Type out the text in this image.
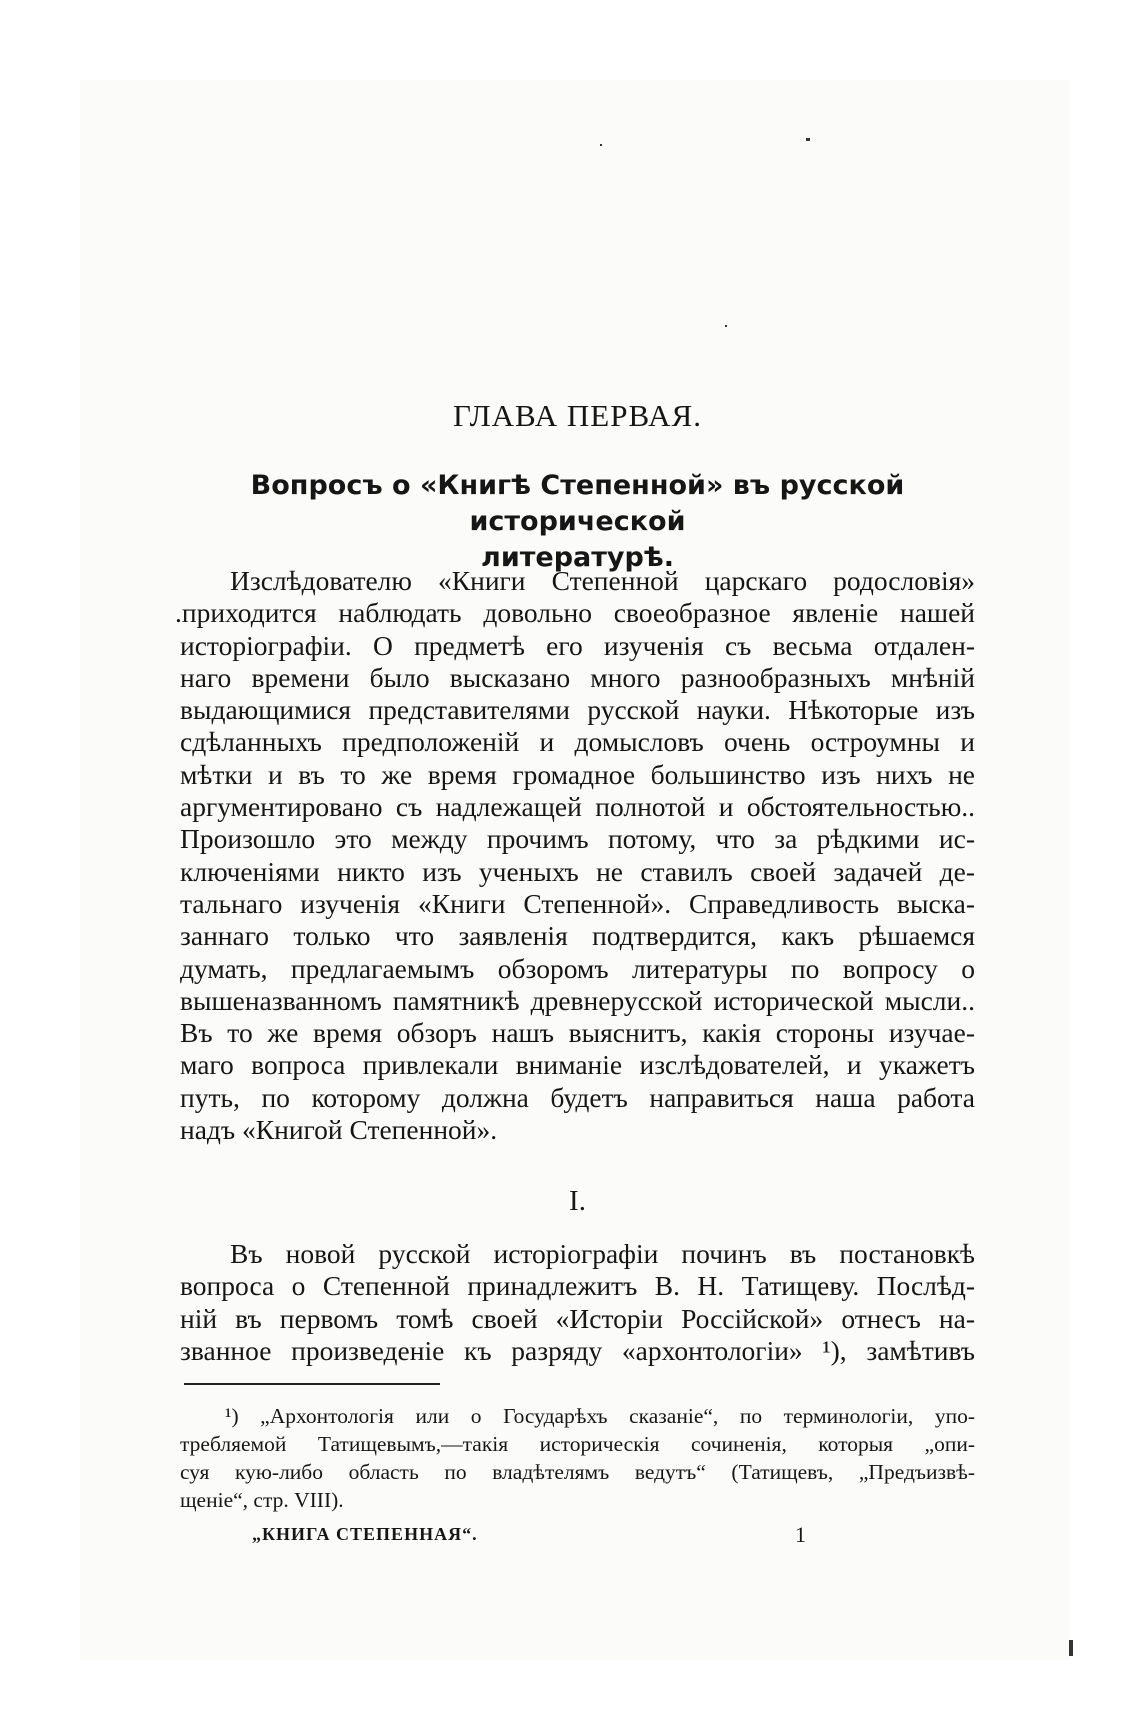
ГЛАВА ПЕРВАЯ.
Вопросъ о «Книгѣ Степенной» въ русской исторической
литературѣ.
Изслѣдователю «Книги Степенной царскаго родословія»
.приходится наблюдать довольно своеобразное явленіе нашей
исторіографіи. О предметѣ его изученія съ весьма отдален-
наго времени было высказано много разнообразныхъ мнѣній
выдающимися представителями русской науки. Нѣкоторые изъ
сдѣланныхъ предположеній и домысловъ очень остроумны и
мѣтки и въ то же время громадное большинство изъ нихъ не
аргументировано съ надлежащей полнотой и обстоятельностью..
Произошло это между прочимъ потому, что за рѣдкими ис-
ключеніями никто изъ ученыхъ не ставилъ своей задачей де-
тальнаго изученія «Книги Степенной». Справедливость выска-
заннаго только что заявленія подтвердится, какъ рѣшаемся
думать, предлагаемымъ обзоромъ литературы по вопросу о
вышеназванномъ памятникѣ древнерусской исторической мысли..
Въ то же время обзоръ нашъ выяснитъ, какія стороны изучае-
маго вопроса привлекали вниманіе изслѣдователей, и укажетъ
путь, по которому должна будетъ направиться наша работа
надъ «Книгой Степенной».
I.
Въ новой русской исторіографіи починъ въ постановкѣ
вопроса о Степенной принадлежитъ В. Н. Татищеву. Послѣд-
ній въ первомъ томѣ своей «Исторіи Россійской» отнесъ на-
званное произведеніе къ разряду «архонтологіи» ¹), замѣтивъ
¹) „Архонтологія или о Государѣхъ сказаніе“, по терминологіи, упо-
требляемой Татищевымъ,—такія историческія сочиненія, которыя „опи-
суя кую-либо область по владѣтелямъ ведутъ“ (Татищевъ, „Предъизвѣ-
щеніе“, стр. VIII).
„КНИГА СТЕПЕННАЯ“.	1
